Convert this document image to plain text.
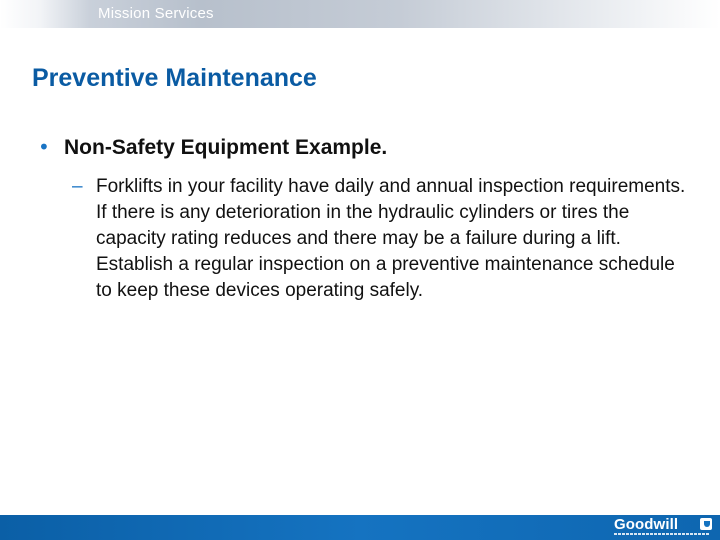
Mission Services
Preventive Maintenance
• Non-Safety Equipment Example.
– Forklifts in your facility have daily and annual inspection requirements. If there is any deterioration in the hydraulic cylinders or tires the capacity rating reduces and there may be a failure during a lift. Establish a regular inspection on a preventive maintenance schedule to keep these devices operating safely.
Goodwill
